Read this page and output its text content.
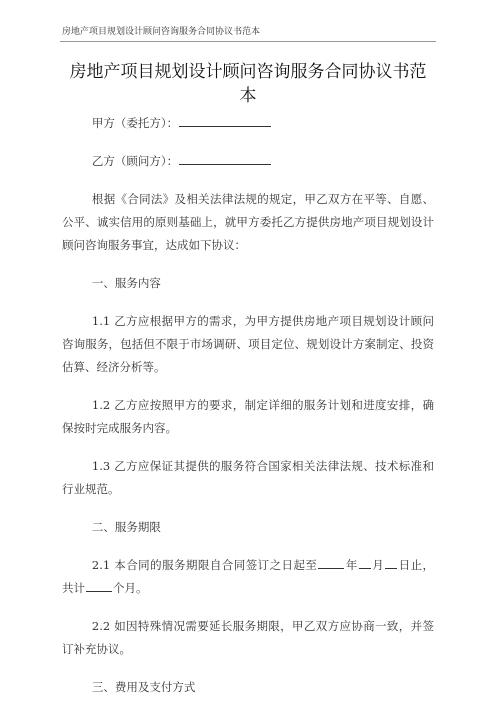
房地产项目规划设计顾问咨询服务合同协议书范本
房地产项目规划设计顾问咨询服务合同协议书范本

甲方（委托方）：

乙方（顾问方）：

根据《合同法》及相关法律法规的规定，甲乙双方在平等、自愿、公平、诚实信用的原则基础上，就甲方委托乙方提供房地产项目规划设计顾问咨询服务事宜，达成如下协议：

一、服务内容

1.1 乙方应根据甲方的需求，为甲方提供房地产项目规划设计顾问咨询服务，包括但不限于市场调研、项目定位、规划设计方案制定、投资估算、经济分析等。

1.2 乙方应按照甲方的要求，制定详细的服务计划和进度安排，确保按时完成服务内容。

1.3 乙方应保证其提供的服务符合国家相关法律法规、技术标准和行业规范。

二、服务期限

2.1 本合同的服务期限自合同签订之日起至 年 月 日止，共计 个月。

2.2 如因特殊情况需要延长服务期限，甲乙双方应协商一致，并签订补充协议。

三、费用及支付方式
